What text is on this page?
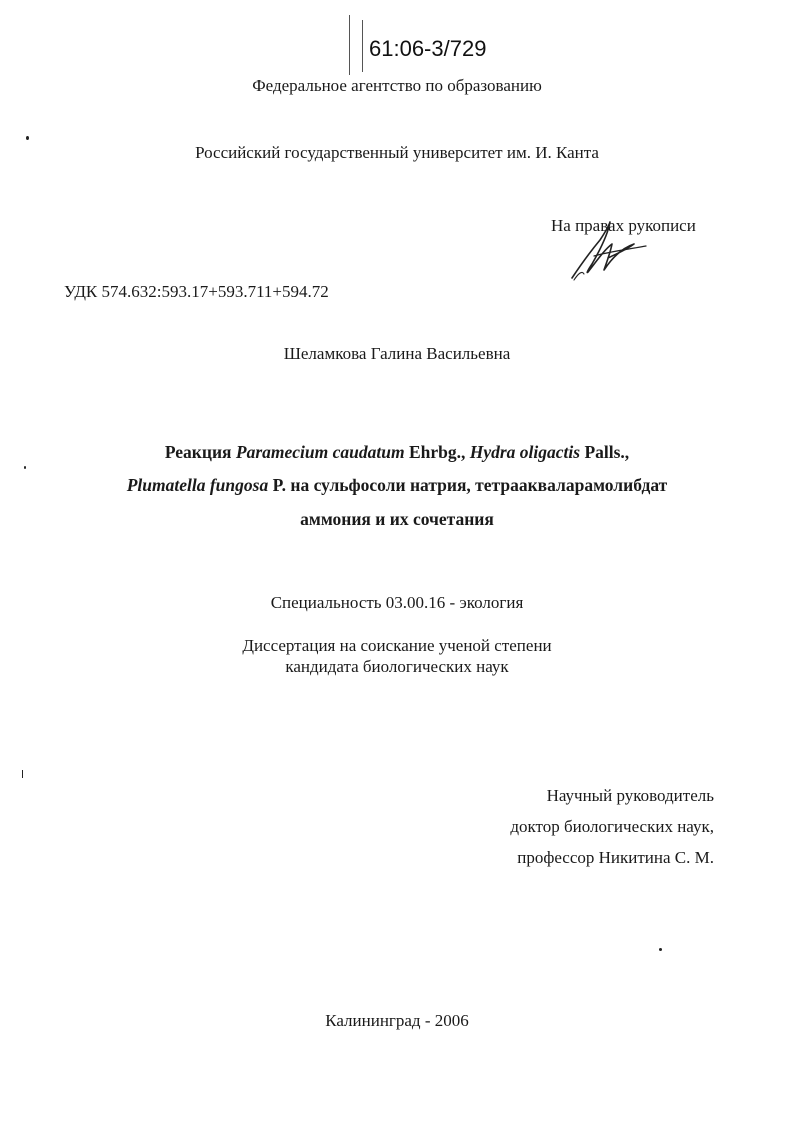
61:06-3/729
Федеральное агентство по образованию
Российский государственный университет им. И. Канта
На правах рукописи
УДК 574.632:593.17+593.711+594.72
Шеламкова Галина Васильевна
Реакция Paramecium caudatum Ehrbg., Hydra oligactis Palls.,
Plumatella fungosa P. на сульфосоли натрия, тетраакваларамолибдат
аммония и их сочетания
Специальность 03.00.16 - экология
Диссертация на соискание ученой степени
кандидата биологических наук
Научный руководитель
доктор биологических наук,
профессор Никитина С. М.
Калининград - 2006
